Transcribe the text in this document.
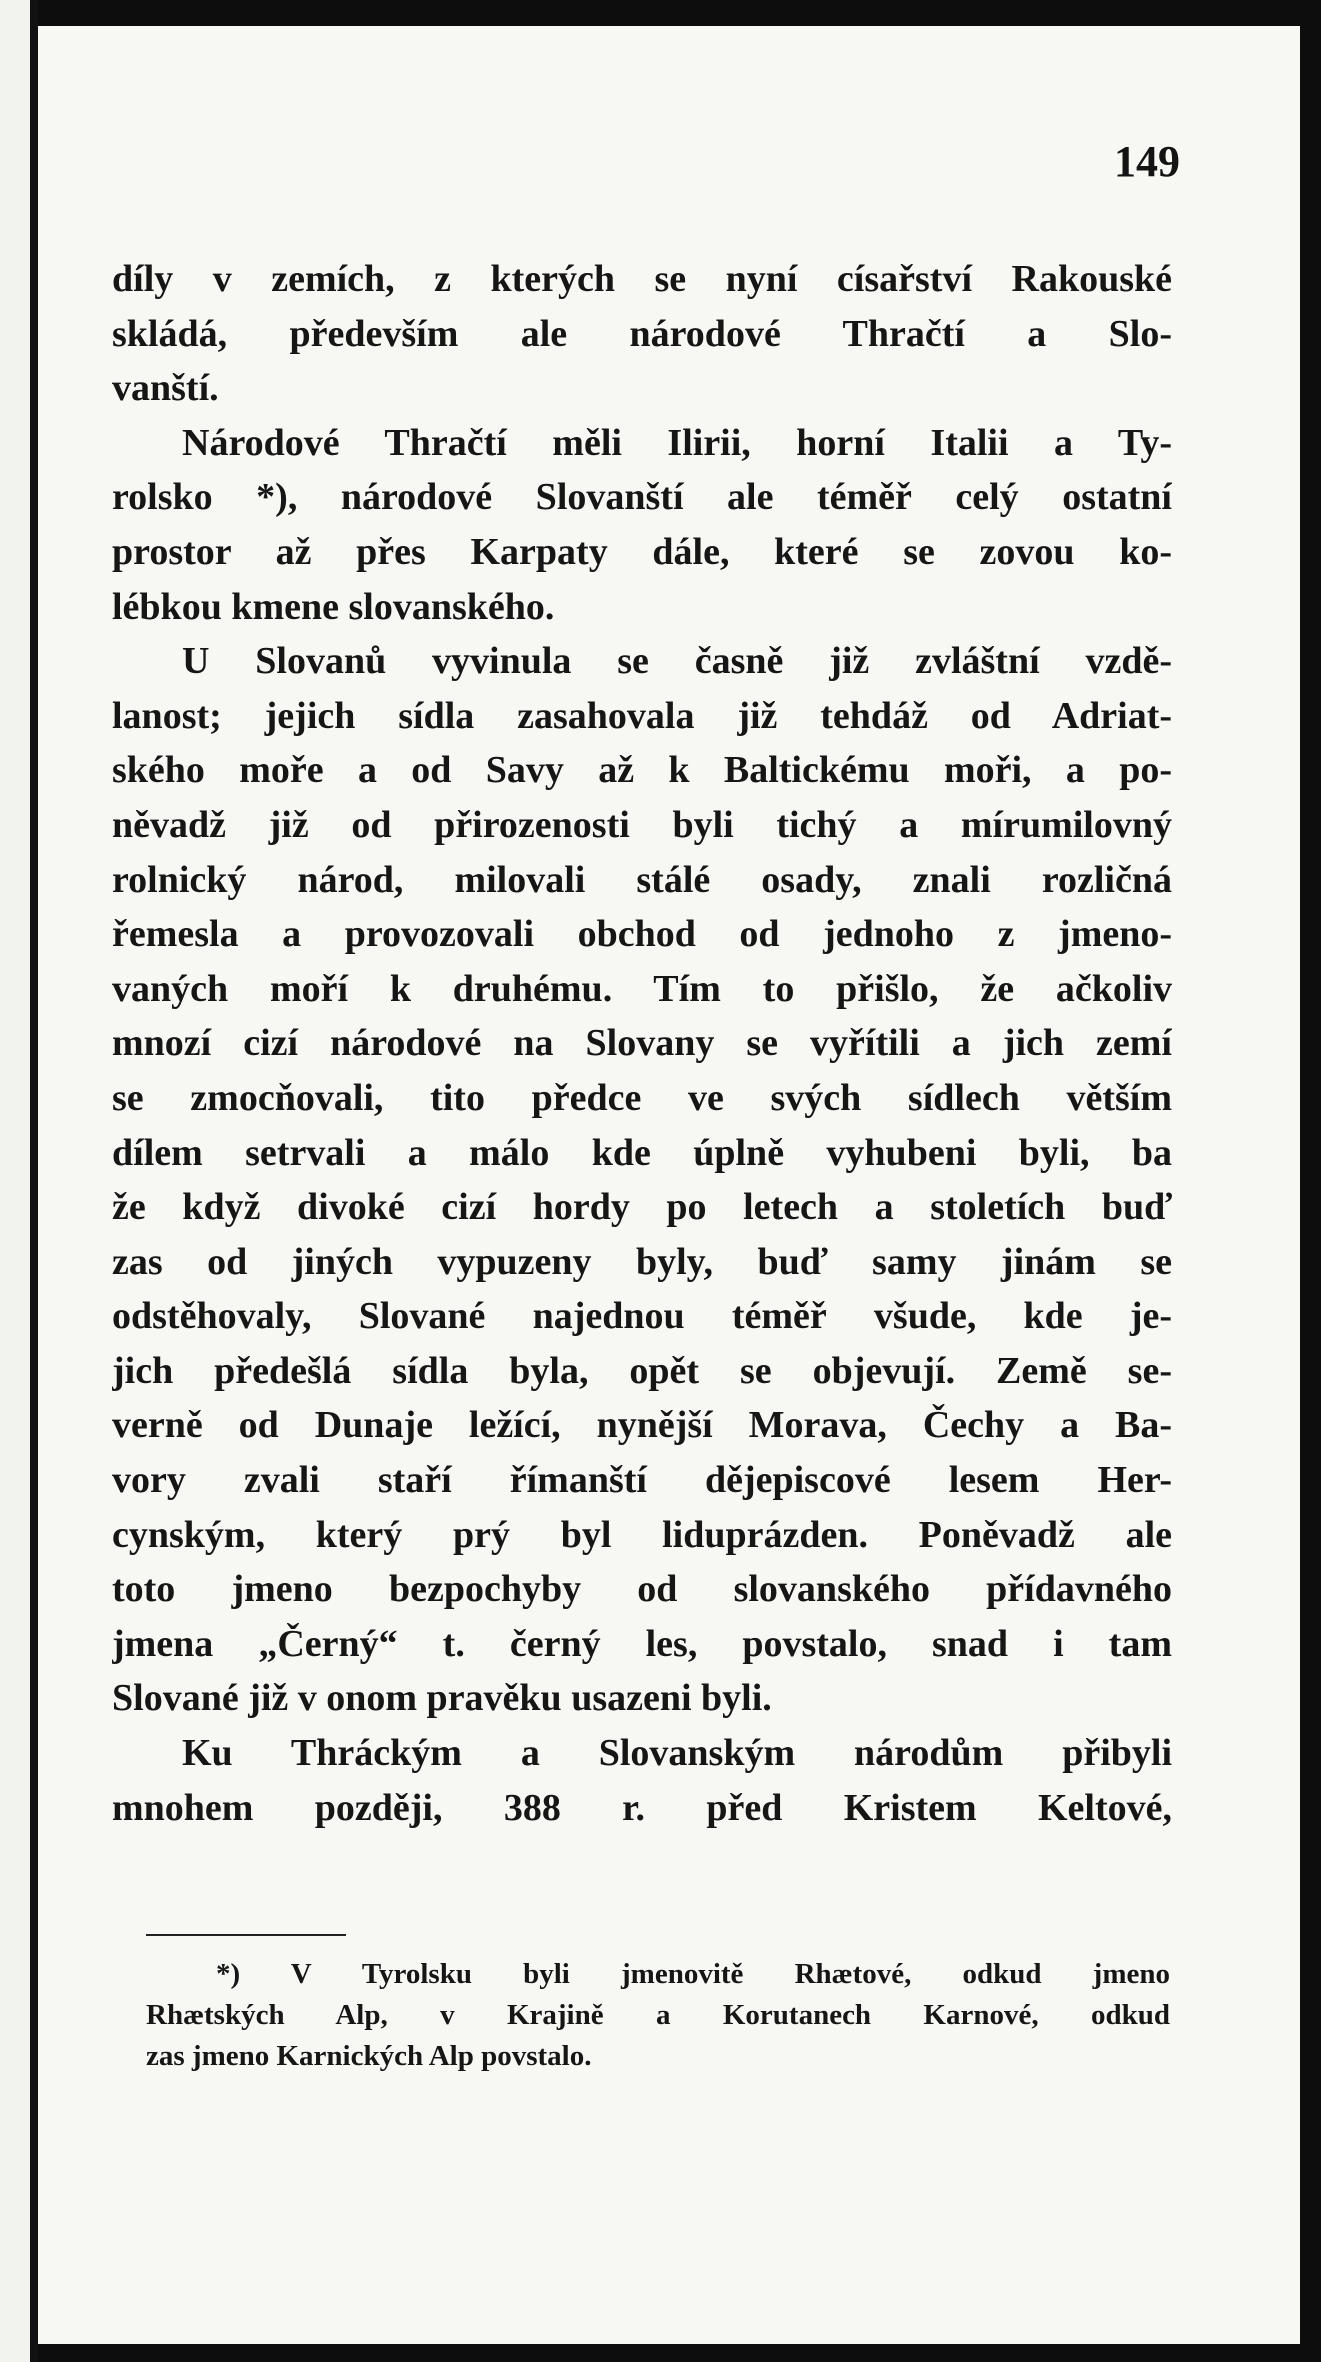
149
díly v zemích, z kterých se nyní císařství Rakouské
skládá, především ale národové Thračtí a Slo-
vanští.
Národové Thračtí měli Ilirii, horní Italii a Ty-
rolsko *), národové Slovanští ale téměř celý ostatní
prostor až přes Karpaty dále, které se zovou ko-
lébkou kmene slovanského.
U Slovanů vyvinula se časně již zvláštní vzdě-
lanost; jejich sídla zasahovala již tehdáž od Adriat-
ského moře a od Savy až k Baltickému moři, a po-
něvadž již od přirozenosti byli tichý a mírumilovný
rolnický národ, milovali stálé osady, znali rozličná
řemesla a provozovali obchod od jednoho z jmeno-
vaných moří k druhému. Tím to přišlo, že ačkoliv
mnozí cizí národové na Slovany se vyřítili a jich zemí
se zmocňovali, tito předce ve svých sídlech větším
dílem setrvali a málo kde úplně vyhubeni byli, ba
že když divoké cizí hordy po letech a stoletích buď
zas od jiných vypuzeny byly, buď samy jinám se
odstěhovaly, Slované najednou téměř všude, kde je-
jich předešlá sídla byla, opět se objevují. Země se-
verně od Dunaje ležící, nynější Morava, Čechy a Ba-
vory zvali staří římanští dějepiscové lesem Her-
cynským, který prý byl liduprázden. Poněvadž ale
toto jmeno bezpochyby od slovanského přídavného
jmena „Černý“ t. černý les, povstalo, snad i tam
Slované již v onom pravěku usazeni byli.
Ku Thráckým a Slovanským národům přibyli
mnohem později, 388 r. před Kristem Keltové,
*) V Tyrolsku byli jmenovitě Rhætové, odkud jmeno
Rhætských Alp, v Krajině a Korutanech Karnové, odkud
zas jmeno Karnických Alp povstalo.
